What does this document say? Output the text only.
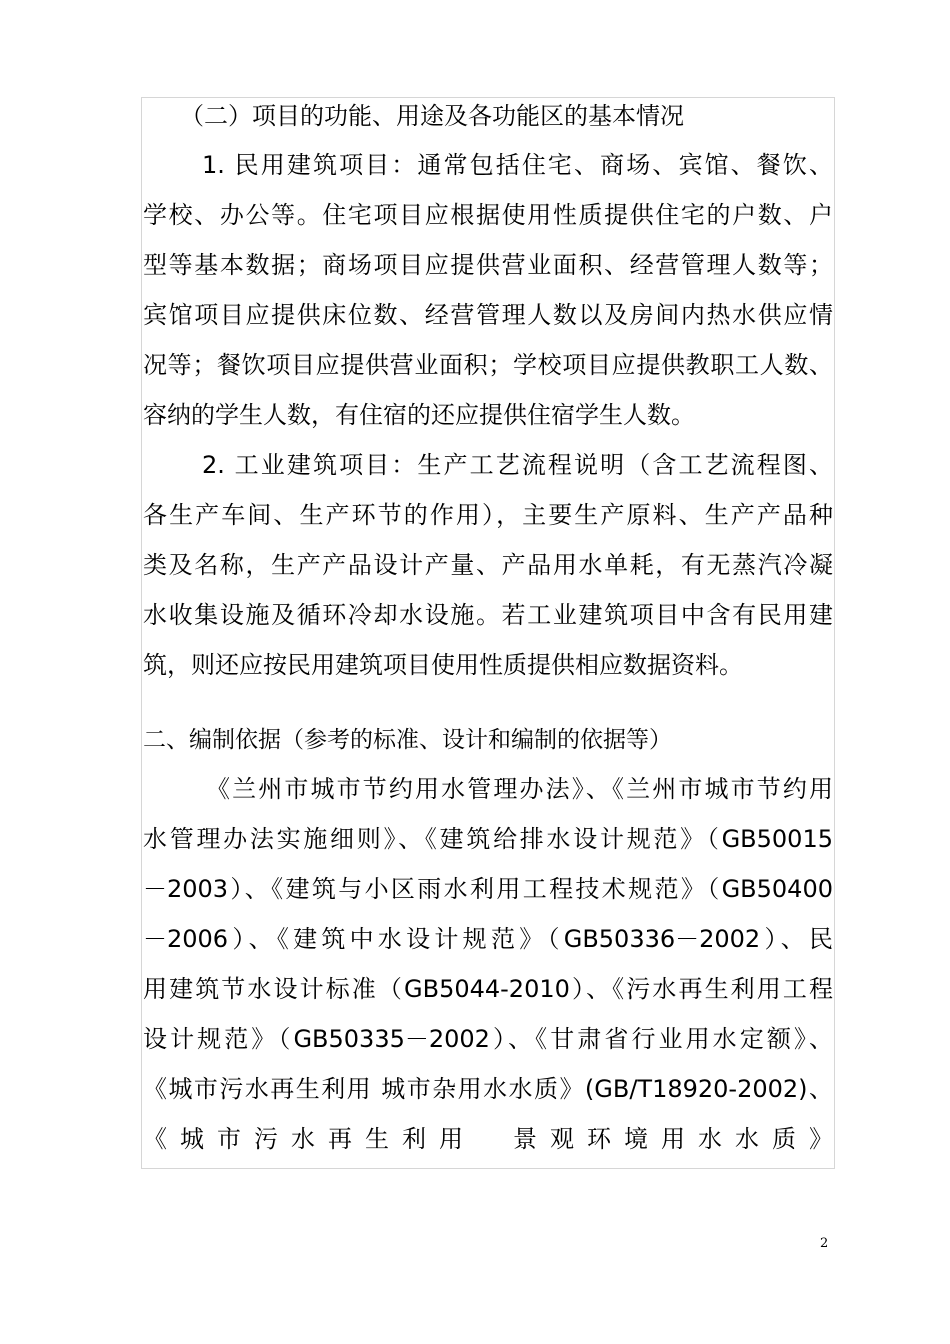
（二）项目的功能、用途及各功能区的基本情况
1. 民用建筑项目：通常包括住宅、商场、宾馆、餐饮、
学校、办公等。住宅项目应根据使用性质提供住宅的户数、户
型等基本数据；商场项目应提供营业面积、经营管理人数等；
宾馆项目应提供床位数、经营管理人数以及房间内热水供应情
况等；餐饮项目应提供营业面积；学校项目应提供教职工人数、
容纳的学生人数，有住宿的还应提供住宿学生人数。
2. 工业建筑项目：生产工艺流程说明（含工艺流程图、
各生产车间、生产环节的作用），主要生产原料、生产产品种
类及名称，生产产品设计产量、产品用水单耗，有无蒸汽冷凝
水收集设施及循环冷却水设施。若工业建筑项目中含有民用建
筑，则还应按民用建筑项目使用性质提供相应数据资料。
二、编制依据（参考的标准、设计和编制的依据等）
《兰州市城市节约用水管理办法》、《兰州市城市节约用
水管理办法实施细则》、《建筑给排水设计规范》（GB50015
－2003）、《建筑与小区雨水利用工程技术规范》（GB50400
－2006）、《建筑中水设计规范》（GB50336－2002）、民
用建筑节水设计标准（GB5044-2010）、《污水再生利用工程
设计规范》（GB50335－2002）、《甘肃省行业用水定额》、
《城市污水再生利用 城市杂用水水质》(GB/T18920-2002)、
《城市污水再生利用　景观环境用水水质》
2
